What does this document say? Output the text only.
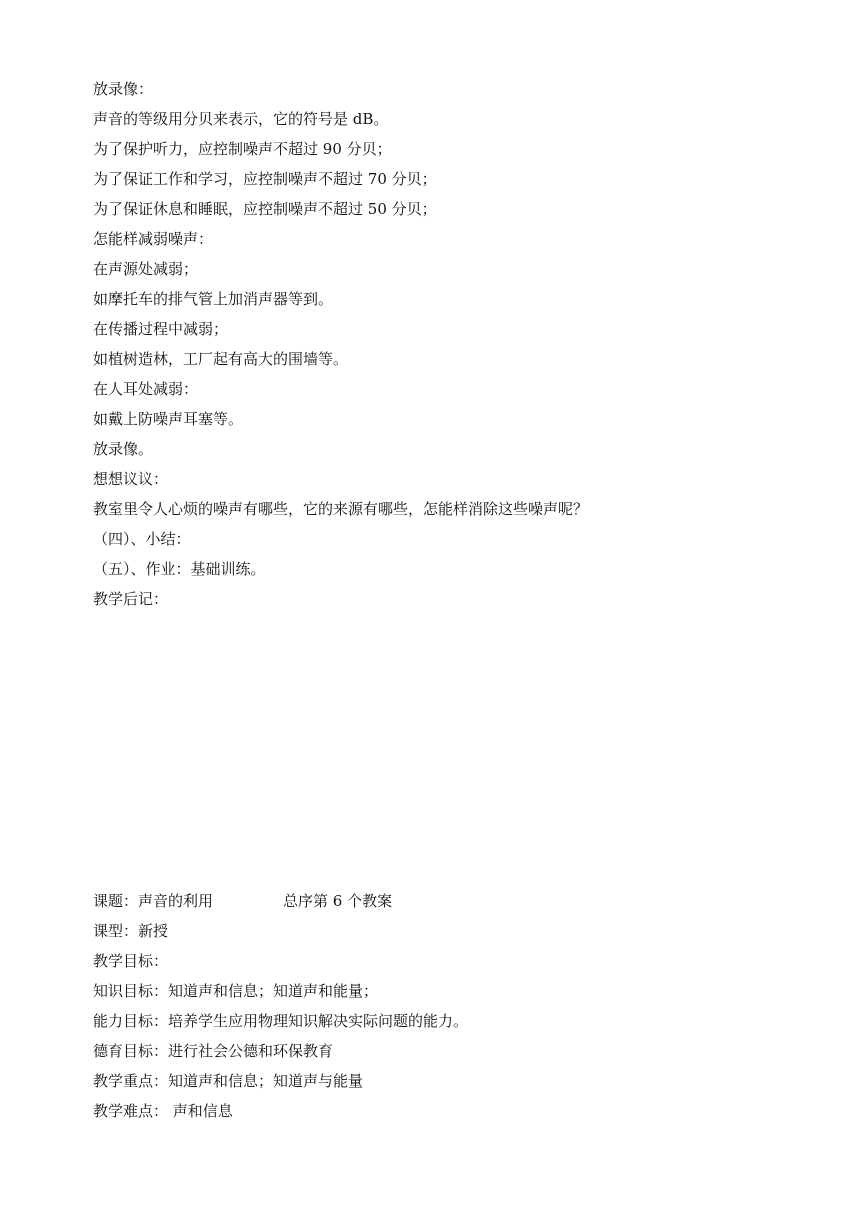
放录像：
声音的等级用分贝来表示，它的符号是 dB。
为了保护听力，应控制噪声不超过 90 分贝；
为了保证工作和学习，应控制噪声不超过 70 分贝；
为了保证休息和睡眠，应控制噪声不超过 50 分贝；
怎能样减弱噪声：
在声源处减弱；
如摩托车的排气管上加消声器等到。
在传播过程中减弱；
如植树造林，工厂起有高大的围墙等。
在人耳处减弱：
如戴上防噪声耳塞等。
放录像。
想想议议：
教室里令人心烦的噪声有哪些，它的来源有哪些，怎能样消除这些噪声呢？
（四）、小结：
（五）、作业：基础训练。
教学后记：
课题：声音的利用	总序第 6 个教案
课型：新授
教学目标：
知识目标：知道声和信息；知道声和能量；
能力目标：培养学生应用物理知识解决实际问题的能力。
德育目标：进行社会公德和环保教育
教学重点：知道声和信息；知道声与能量
教学难点： 声和信息
